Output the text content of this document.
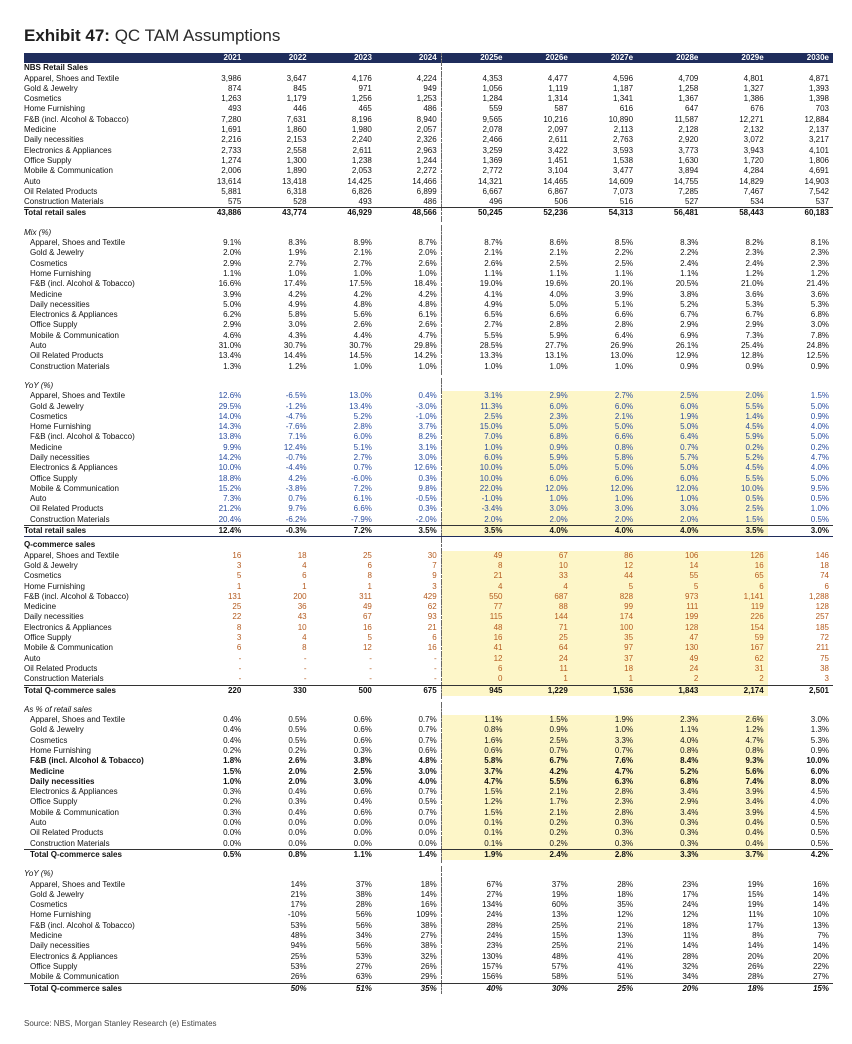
Exhibit 47: QC TAM Assumptions
	2021	2022	2023	2024	2025e	2026e	2027e	2028e	2029e	2030e
NBS Retail Sales										
Apparel, Shoes and Textile	3,986	3,647	4,176	4,224	4,353	4,477	4,596	4,709	4,801	4,871
Gold & Jewelry	874	845	971	949	1,056	1,119	1,187	1,258	1,327	1,393
Cosmetics	1,263	1,179	1,256	1,253	1,284	1,314	1,341	1,367	1,386	1,398
Home Furnishing	493	446	465	486	559	587	616	647	676	703
F&B (incl. Alcohol & Tobacco)	7,280	7,631	8,196	8,940	9,565	10,216	10,890	11,587	12,271	12,884
Medicine	1,691	1,860	1,980	2,057	2,078	2,097	2,113	2,128	2,132	2,137
Daily necessities	2,216	2,153	2,240	2,326	2,466	2,611	2,763	2,920	3,072	3,217
Electronics & Appliances	2,733	2,558	2,611	2,963	3,259	3,422	3,593	3,773	3,943	4,101
Office Supply	1,274	1,300	1,238	1,244	1,369	1,451	1,538	1,630	1,720	1,806
Mobile & Communication	2,006	1,890	2,053	2,272	2,772	3,104	3,477	3,894	4,284	4,691
Auto	13,614	13,418	14,425	14,466	14,321	14,465	14,609	14,755	14,829	14,903
Oil Related Products	5,881	6,318	6,826	6,899	6,667	6,867	7,073	7,285	7,467	7,542
Construction Materials	575	528	493	486	496	506	516	527	534	537
Total retail sales	43,886	43,774	46,929	48,566	50,245	52,236	54,313	56,481	58,443	60,183

Mix (%)										
Apparel, Shoes and Textile	9.1%	8.3%	8.9%	8.7%	8.7%	8.6%	8.5%	8.3%	8.2%	8.1%
Gold & Jewelry	2.0%	1.9%	2.1%	2.0%	2.1%	2.1%	2.2%	2.2%	2.3%	2.3%
Cosmetics	2.9%	2.7%	2.7%	2.6%	2.6%	2.5%	2.5%	2.4%	2.4%	2.3%
Home Furnishing	1.1%	1.0%	1.0%	1.0%	1.1%	1.1%	1.1%	1.1%	1.2%	1.2%
F&B (incl. Alcohol & Tobacco)	16.6%	17.4%	17.5%	18.4%	19.0%	19.6%	20.1%	20.5%	21.0%	21.4%
Medicine	3.9%	4.2%	4.2%	4.2%	4.1%	4.0%	3.9%	3.8%	3.6%	3.6%
Daily necessities	5.0%	4.9%	4.8%	4.8%	4.9%	5.0%	5.1%	5.2%	5.3%	5.3%
Electronics & Appliances	6.2%	5.8%	5.6%	6.1%	6.5%	6.6%	6.6%	6.7%	6.7%	6.8%
Office Supply	2.9%	3.0%	2.6%	2.6%	2.7%	2.8%	2.8%	2.9%	2.9%	3.0%
Mobile & Communication	4.6%	4.3%	4.4%	4.7%	5.5%	5.9%	6.4%	6.9%	7.3%	7.8%
Auto	31.0%	30.7%	30.7%	29.8%	28.5%	27.7%	26.9%	26.1%	25.4%	24.8%
Oil Related Products	13.4%	14.4%	14.5%	14.2%	13.3%	13.1%	13.0%	12.9%	12.8%	12.5%
Construction Materials	1.3%	1.2%	1.0%	1.0%	1.0%	1.0%	1.0%	0.9%	0.9%	0.9%

YoY (%)										
Apparel, Shoes and Textile	12.6%	-6.5%	13.0%	0.4%	3.1%	2.9%	2.7%	2.5%	2.0%	1.5%
Gold & Jewelry	29.5%	-1.2%	13.4%	-3.0%	11.3%	6.0%	6.0%	6.0%	5.5%	5.0%
Cosmetics	14.0%	-4.7%	5.2%	-1.0%	2.5%	2.3%	2.1%	1.9%	1.4%	0.9%
Home Furnishing	14.3%	-7.6%	2.8%	3.7%	15.0%	5.0%	5.0%	5.0%	4.5%	4.0%
F&B (incl. Alcohol & Tobacco)	13.8%	7.1%	6.0%	8.2%	7.0%	6.8%	6.6%	6.4%	5.9%	5.0%
Medicine	9.9%	12.4%	5.1%	3.1%	1.0%	0.9%	0.8%	0.7%	0.2%	0.2%
Daily necessities	14.2%	-0.7%	2.7%	3.0%	6.0%	5.9%	5.8%	5.7%	5.2%	4.7%
Electronics & Appliances	10.0%	-4.4%	0.7%	12.6%	10.0%	5.0%	5.0%	5.0%	4.5%	4.0%
Office Supply	18.8%	4.2%	-6.0%	0.3%	10.0%	6.0%	6.0%	6.0%	5.5%	5.0%
Mobile & Communication	15.2%	-3.8%	7.2%	9.8%	22.0%	12.0%	12.0%	12.0%	10.0%	9.5%
Auto	7.3%	0.7%	6.1%	-0.5%	-1.0%	1.0%	1.0%	1.0%	0.5%	0.5%
Oil Related Products	21.2%	9.7%	6.6%	0.3%	-3.4%	3.0%	3.0%	3.0%	2.5%	1.0%
Construction Materials	20.4%	-6.2%	-7.9%	-2.0%	2.0%	2.0%	2.0%	2.0%	1.5%	0.5%
Total retail sales	12.4%	-0.3%	7.2%	3.5%	3.5%	4.0%	4.0%	4.0%	3.5%	3.0%

Q-commerce sales										
Apparel, Shoes and Textile	16	18	25	30	49	67	86	106	126	146
Gold & Jewelry	3	4	6	7	8	10	12	14	16	18
Cosmetics	5	6	8	9	21	33	44	55	65	74
Home Furnishing	1	1	1	3	4	4	5	5	6	6
F&B (incl. Alcohol & Tobacco)	131	200	311	429	550	687	828	973	1,141	1,288
Medicine	25	36	49	62	77	88	99	111	119	128
Daily necessities	22	43	67	93	115	144	174	199	226	257
Electronics & Appliances	8	10	16	21	48	71	100	128	154	185
Office Supply	3	4	5	6	16	25	35	47	59	72
Mobile & Communication	6	8	12	16	41	64	97	130	167	211
Auto	-	-	-	-	12	24	37	49	62	75
Oil Related Products	-	-	-	-	6	11	18	24	31	38
Construction Materials	-	-	-	-	0	1	1	2	2	3
Total Q-commerce sales	220	330	500	675	945	1,229	1,536	1,843	2,174	2,501

As % of retail sales										
Apparel, Shoes and Textile	0.4%	0.5%	0.6%	0.7%	1.1%	1.5%	1.9%	2.3%	2.6%	3.0%
Gold & Jewelry	0.4%	0.5%	0.6%	0.7%	0.8%	0.9%	1.0%	1.1%	1.2%	1.3%
Cosmetics	0.4%	0.5%	0.6%	0.7%	1.6%	2.5%	3.3%	4.0%	4.7%	5.3%
Home Furnishing	0.2%	0.2%	0.3%	0.6%	0.6%	0.7%	0.7%	0.8%	0.8%	0.9%
F&B (incl. Alcohol & Tobacco)	1.8%	2.6%	3.8%	4.8%	5.8%	6.7%	7.6%	8.4%	9.3%	10.0%
Medicine	1.5%	2.0%	2.5%	3.0%	3.7%	4.2%	4.7%	5.2%	5.6%	6.0%
Daily necessities	1.0%	2.0%	3.0%	4.0%	4.7%	5.5%	6.3%	6.8%	7.4%	8.0%
Electronics & Appliances	0.3%	0.4%	0.6%	0.7%	1.5%	2.1%	2.8%	3.4%	3.9%	4.5%
Office Supply	0.2%	0.3%	0.4%	0.5%	1.2%	1.7%	2.3%	2.9%	3.4%	4.0%
Mobile & Communication	0.3%	0.4%	0.6%	0.7%	1.5%	2.1%	2.8%	3.4%	3.9%	4.5%
Auto	0.0%	0.0%	0.0%	0.0%	0.1%	0.2%	0.3%	0.3%	0.4%	0.5%
Oil Related Products	0.0%	0.0%	0.0%	0.0%	0.1%	0.2%	0.3%	0.3%	0.4%	0.5%
Construction Materials	0.0%	0.0%	0.0%	0.0%	0.1%	0.2%	0.3%	0.3%	0.4%	0.5%
Total Q-commerce sales	0.5%	0.8%	1.1%	1.4%	1.9%	2.4%	2.8%	3.3%	3.7%	4.2%

YoY (%)										
Apparel, Shoes and Textile		14%	37%	18%	67%	37%	28%	23%	19%	16%
Gold & Jewelry		21%	38%	14%	27%	19%	18%	17%	15%	14%
Cosmetics		17%	28%	16%	134%	60%	35%	24%	19%	14%
Home Furnishing		-10%	56%	109%	24%	13%	12%	12%	11%	10%
F&B (incl. Alcohol & Tobacco)		53%	56%	38%	28%	25%	21%	18%	17%	13%
Medicine		48%	34%	27%	24%	15%	13%	11%	8%	7%
Daily necessities		94%	56%	38%	23%	25%	21%	14%	14%	14%
Electronics & Appliances		25%	53%	32%	130%	48%	41%	28%	20%	20%
Office Supply		53%	27%	26%	157%	57%	41%	32%	26%	22%
Mobile & Communication		26%	63%	29%	156%	58%	51%	34%	28%	27%
Total Q-commerce sales		50%	51%	35%	40%	30%	25%	20%	18%	15%
Source: NBS, Morgan Stanley Research (e) Estimates
